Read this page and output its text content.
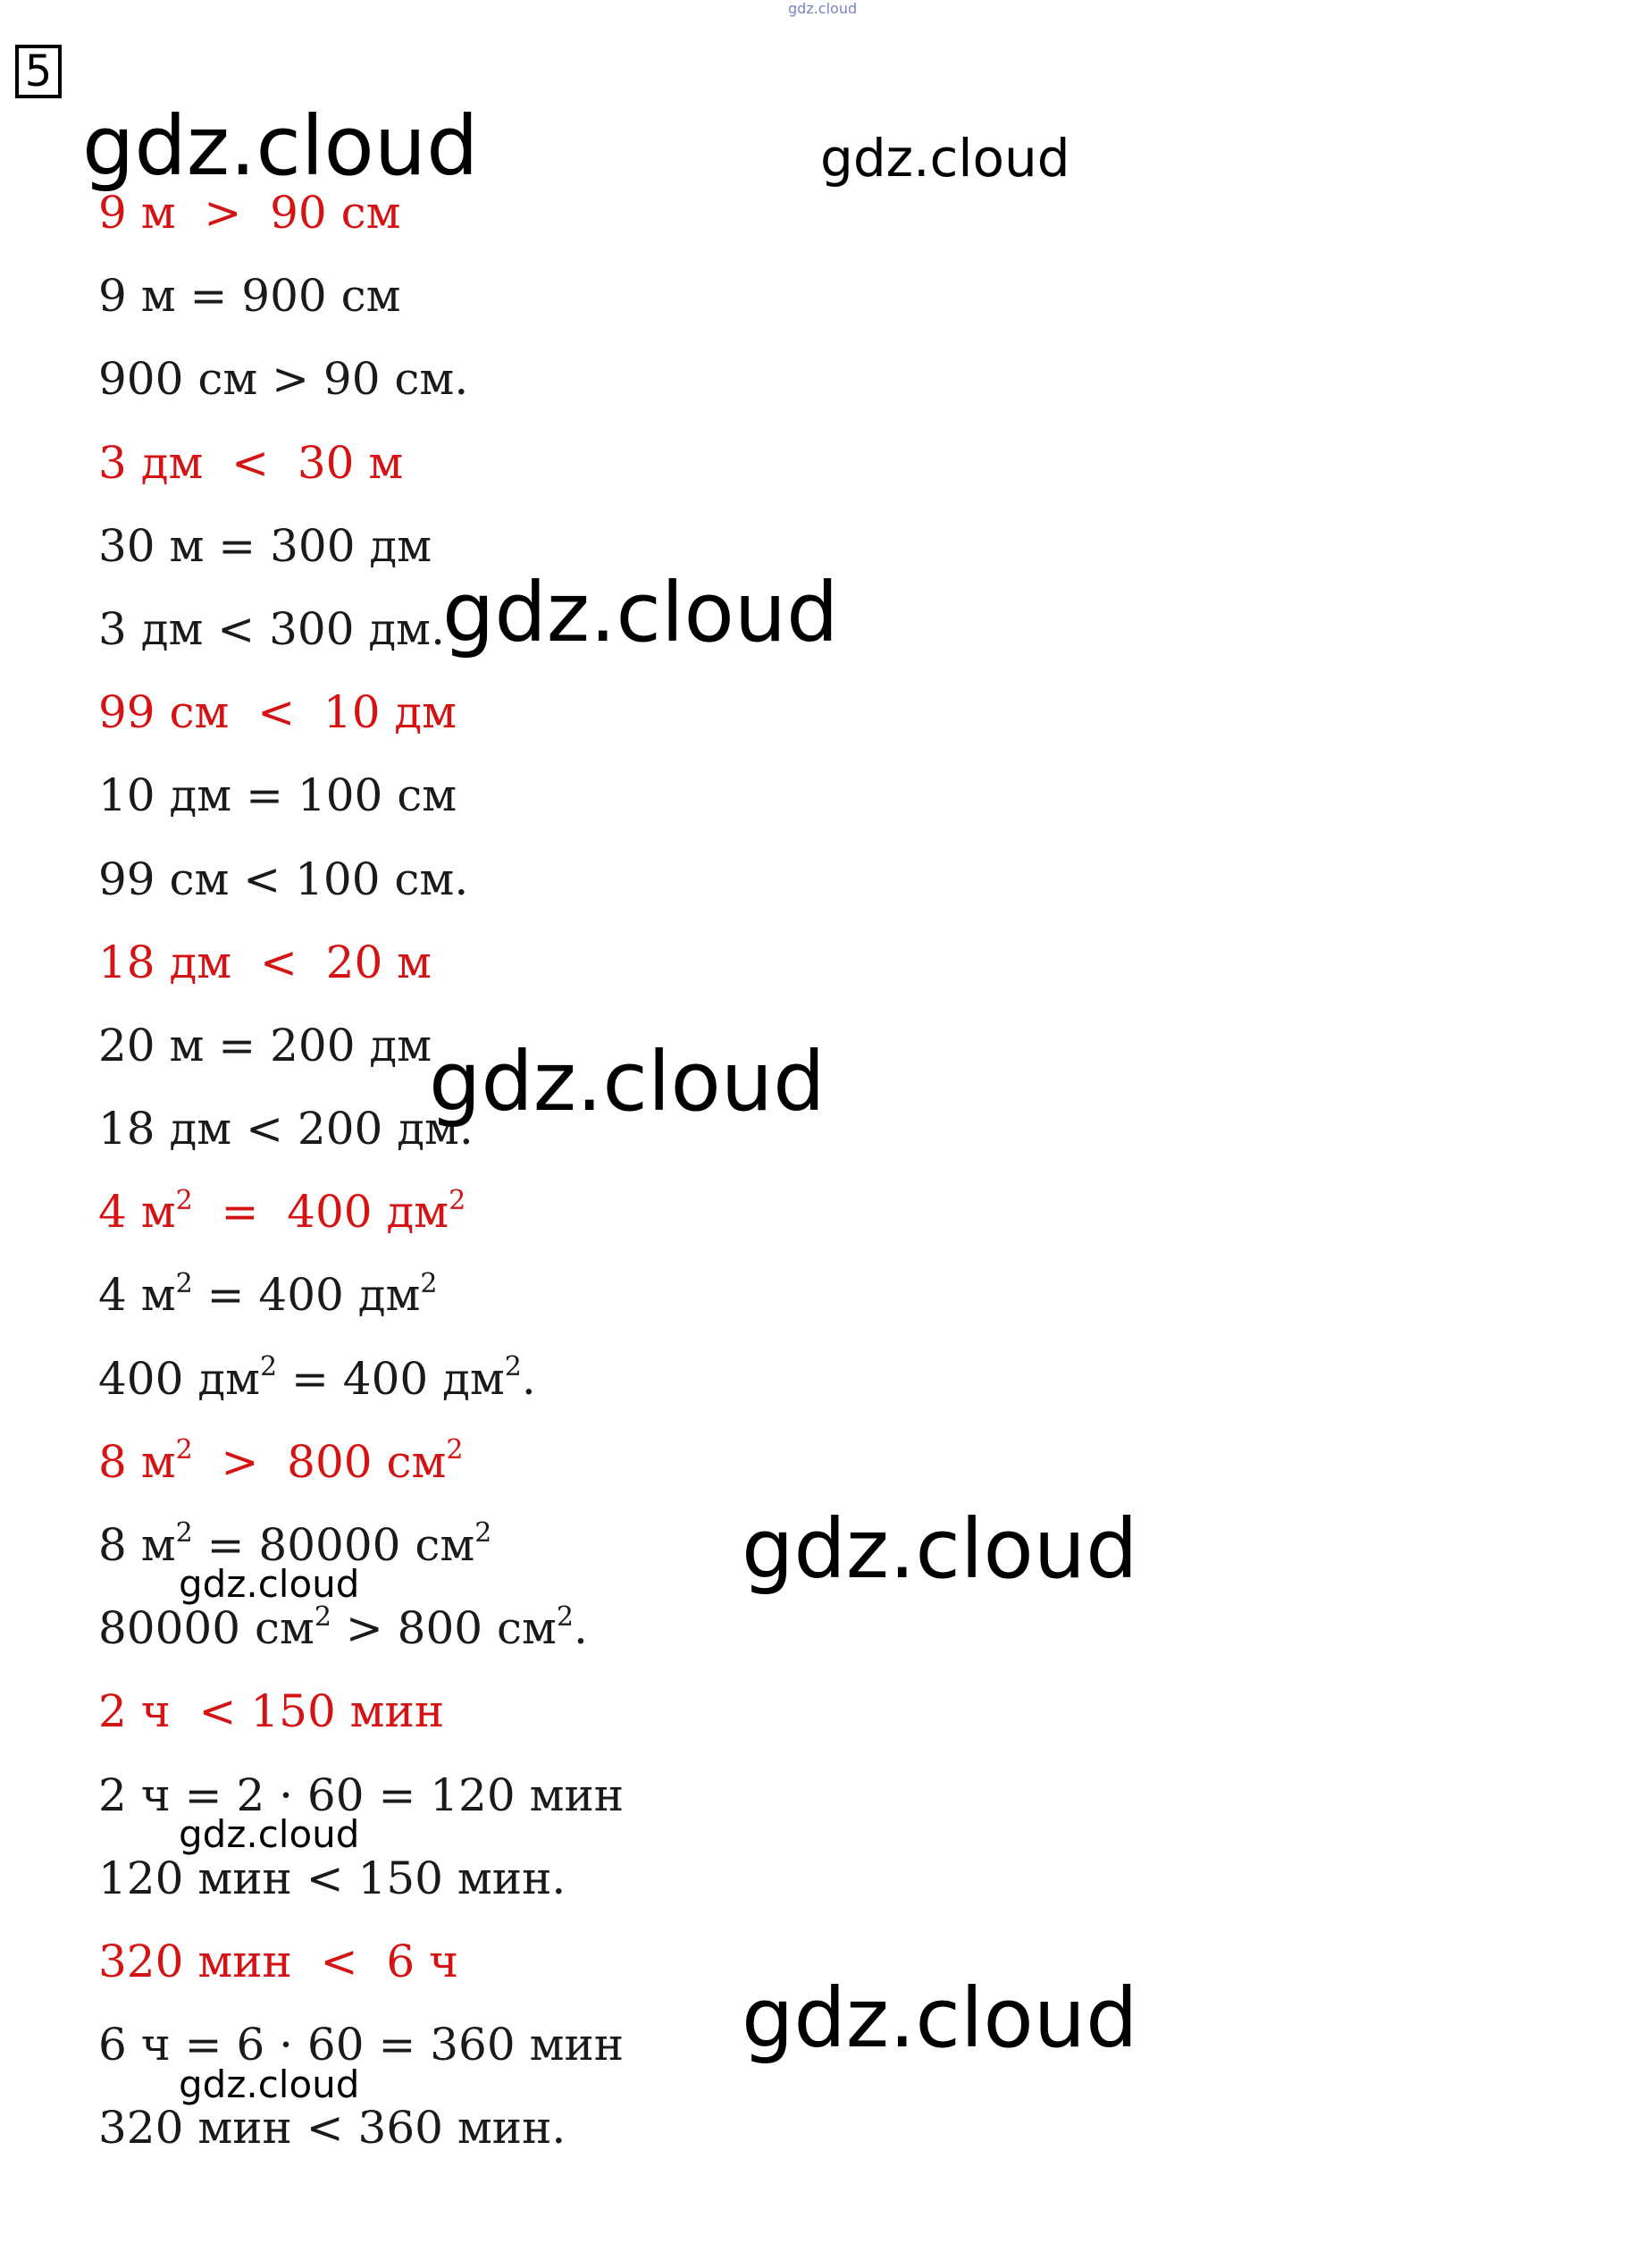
5
gdz.cloud
9 м  >  90 см
9 м = 900 см
900 см > 90 см.
3 дм  <  30 м
30 м = 300 дм
3 дм < 300 дм.
99 см  <  10 дм
10 дм = 100 см
99 см < 100 см.
18 дм  <  20 м
20 м = 200 дм
18 дм < 200 дм.
4 $м^2 = 400$ $дм^2$
4 $м^2 = 400$ $дм^2$
400 $дм^2 = 400$ $дм^2$.
8 $м^2 > 800$ $см^2$
8 $м^2 = 80000$ $см^2$
80000 $см^2 > 800$ $см^2$.
2 ч  < 150 мин
2 ч = 2 · 60 = 120 мин
120 мин < 150 мин.
320 мин  <  6 ч
6 ч = 6 · 60 = 360 мин
320 мин < 360 мин.
gdz.cloud	gdz.cloud
gdz.cloud
gdz.cloud
gdz.cloud
gdz.cloud
gdz.cloud
gdz.cloud
gdz.cloud
